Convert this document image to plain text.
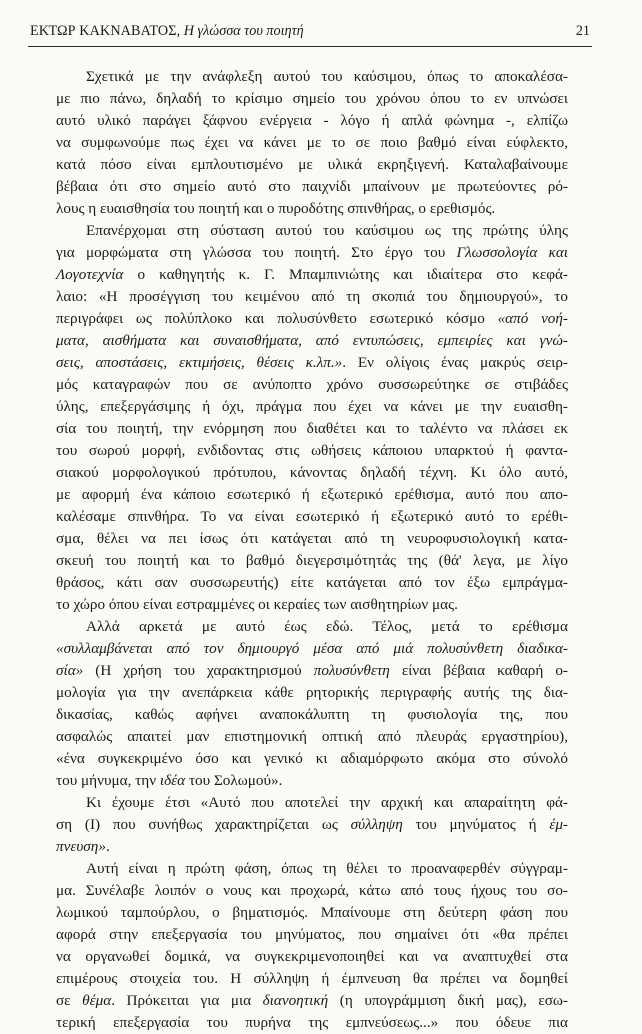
ΕΚΤΩΡ ΚΑΚΝΑΒΑΤΟΣ, Η γλώσσα του ποιητή	21
Σχετικά με την ανάφλεξη αυτού του καύσιμου, όπως το αποκαλέσα-
με πιο πάνω, δηλαδή το κρίσιμο σημείο του χρόνου όπου το εν υπνώσει
αυτό υλικό παράγει ξάφνου ενέργεια - λόγο ή απλά φώνημα -, ελπίζω
να συμφωνούμε πως έχει να κάνει με το σε ποιο βαθμό είναι εύφλεκτο,
κατά πόσο είναι εμπλουτισμένο με υλικά εκρηξιγενή. Καταλαβαίνουμε
βέβαια ότι στο σημείο αυτό στο παιχνίδι μπαίνουν με πρωτεύοντες ρό-
λους η ευαισθησία του ποιητή και ο πυροδότης σπινθήρας, ο ερεθισμός.
Επανέρχομαι στη σύσταση αυτού του καύσιμου ως της πρώτης ύλης
για μορφώματα στη γλώσσα του ποιητή. Στο έργο του Γλωσσολογία και
Λογοτεχνία ο καθηγητής κ. Γ. Μπαμπινιώτης και ιδιαίτερα στο κεφά-
λαιο: «Η προσέγγιση του κειμένου από τη σκοπιά του δημιουργού», το
περιγράφει ως πολύπλοκο και πολυσύνθετο εσωτερικό κόσμο «από νοή-
ματα, αισθήματα και συναισθήματα, από εντυπώσεις, εμπειρίες και γνώ-
σεις, αποστάσεις, εκτιμήσεις, θέσεις κ.λπ.». Εν ολίγοις ένας μακρύς σειρ-
μός καταγραφών που σε ανύποπτο χρόνο συσσωρεύτηκε σε στιβάδες
ύλης, επεξεργάσιμης ή όχι, πράγμα που έχει να κάνει με την ευαισθη-
σία του ποιητή, την ενόρμηση που διαθέτει και το ταλέντο να πλάσει εκ
του σωρού μορφή, ενδιδοντας στις ωθήσεις κάποιου υπαρκτού ή φαντα-
σιακού μορφολογικού πρότυπου, κάνοντας δηλαδή τέχνη. Κι όλο αυτό,
με αφορμή ένα κάποιο εσωτερικό ή εξωτερικό ερέθισμα, αυτό που απο-
καλέσαμε σπινθήρα. Το να είναι εσωτερικό ή εξωτερικό αυτό το ερέθι-
σμα, θέλει να πει ίσως ότι κατάγεται από τη νευροφυσιολογική κατα-
σκευή του ποιητή και το βαθμό διεγερσιμότητάς της (θά' λεγα, με λίγο
θράσος, κάτι σαν συσσωρευτής) είτε κατάγεται από τον έξω εμπράγμα-
το χώρο όπου είναι εστραμμένες οι κεραίες των αισθητηρίων μας.
Αλλά αρκετά με αυτό έως εδώ. Τέλος, μετά το ερέθισμα
«συλλαμβάνεται από τον δημιουργό μέσα από μιά πολυσύνθετη διαδικα-
σία» (Η χρήση του χαρακτηρισμού πολυσύνθετη είναι βέβαια καθαρή ο-
μολογία για την ανεπάρκεια κάθε ρητορικής περιγραφής αυτής της δια-
δικασίας, καθώς αφήνει αναποκάλυπτη τη φυσιολογία της, που
ασφαλώς απαιτεί μαν επιστημονική οπτική από πλευράς εργαστηρίου),
«ένα συγκεκριμένο όσο και γενικό κι αδιαμόρφωτο ακόμα στο σύνολό
του μήνυμα, την ιδέα του Σολωμού».
Κι έχουμε έτσι «Αυτό που αποτελεί την αρχική και απαραίτητη φά-
ση (Ι) που συνήθως χαρακτηρίζεται ως σύλληψη του μηνύματος ή έμ-
πνευση».
Αυτή είναι η πρώτη φάση, όπως τη θέλει το προαναφερθέν σύγγραμ-
μα. Συνέλαβε λοιπόν ο νους και προχωρά, κάτω από τους ήχους του σο-
λωμικού ταμπούρλου, ο βηματισμός. Μπαίνουμε στη δεύτερη φάση που
αφορά στην επεξεργασία του μηνύματος, που σημαίνει ότι «θα πρέπει
να οργανωθεί δομικά, να συγκεκριμενοποιηθεί και να αναπτυχθεί στα
επιμέρους στοιχεία του. Η σύλληψη ή έμπνευση θα πρέπει να δομηθεί
σε θέμα. Πρόκειται για μια διανοητική (η υπογράμμιση δική μας), εσω-
τερική επεξεργασία του πυρήνα της εμπνεύσεως...» που όδευε πια
